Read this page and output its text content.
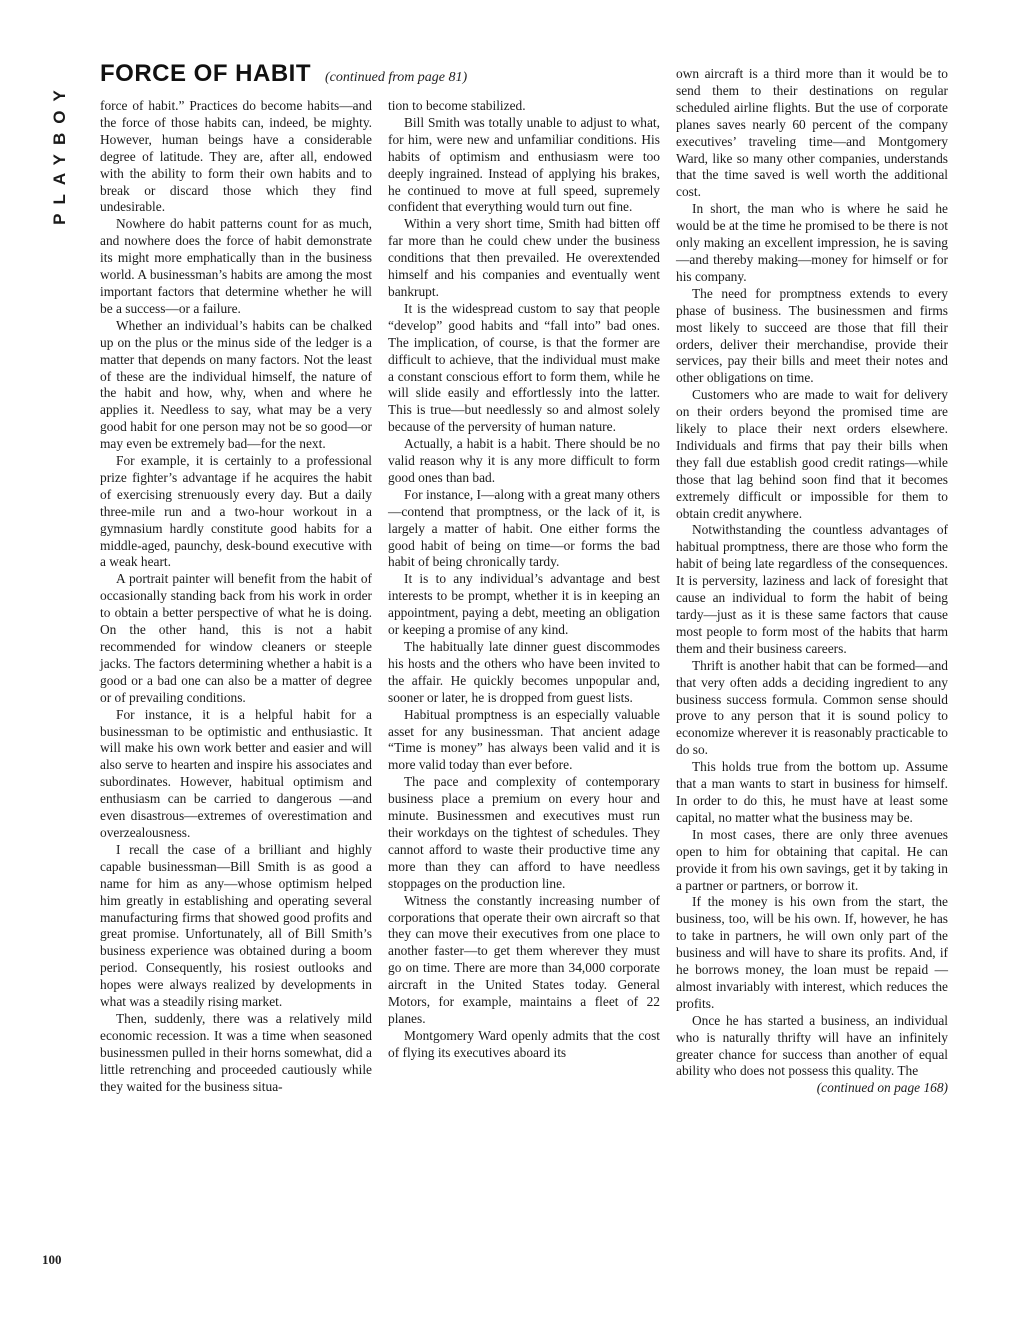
PLAYBOY
FORCE OF HABIT (continued from page 81)

force of habit.” Practices do become habits—and the force of those habits can, indeed, be mighty. However, human beings have a considerable degree of latitude. They are, after all, endowed with the ability to form their own habits and to break or discard those which they find undesirable.

Nowhere do habit patterns count for as much, and nowhere does the force of habit demonstrate its might more emphatically than in the business world. A businessman’s habits are among the most important factors that determine whether he will be a success—or a failure.

Whether an individual’s habits can be chalked up on the plus or the minus side of the ledger is a matter that depends on many factors. Not the least of these are the individual himself, the nature of the habit and how, why, when and where he applies it. Needless to say, what may be a very good habit for one person may not be so good—or may even be extremely bad—for the next.

For example, it is certainly to a professional prize fighter’s advantage if he acquires the habit of exercising strenuously every day. But a daily three-mile run and a two-hour workout in a gymnasium hardly constitute good habits for a middle-aged, paunchy, desk-bound executive with a weak heart.

A portrait painter will benefit from the habit of occasionally standing back from his work in order to obtain a better perspective of what he is doing. On the other hand, this is not a habit recommended for window cleaners or steeple jacks. The factors determining whether a habit is a good or a bad one can also be a matter of degree or of prevailing conditions.

For instance, it is a helpful habit for a businessman to be optimistic and enthusiastic. It will make his own work better and easier and will also serve to hearten and inspire his associates and subordinates. However, habitual optimism and enthusiasm can be carried to dangerous —and even disastrous—extremes of overestimation and overzealousness.

I recall the case of a brilliant and highly capable businessman—Bill Smith is as good a name for him as any—whose optimism helped him greatly in establishing and operating several manufacturing firms that showed good profits and great promise. Unfortunately, all of Bill Smith’s business experience was obtained during a boom period. Consequently, his rosiest outlooks and hopes were always realized by developments in what was a steadily rising market.

Then, suddenly, there was a relatively mild economic recession. It was a time when seasoned businessmen pulled in their horns somewhat, did a little retrenching and proceeded cautiously while they waited for the business situa-

tion to become stabilized.

Bill Smith was totally unable to adjust to what, for him, were new and unfamiliar conditions. His habits of optimism and enthusiasm were too deeply ingrained. Instead of applying his brakes, he continued to move at full speed, supremely confident that everything would turn out fine.

Within a very short time, Smith had bitten off far more than he could chew under the business conditions that then prevailed. He overextended himself and his companies and eventually went bankrupt.

It is the widespread custom to say that people “develop” good habits and “fall into” bad ones. The implication, of course, is that the former are difficult to achieve, that the individual must make a constant conscious effort to form them, while he will slide easily and effortlessly into the latter. This is true—but needlessly so and almost solely because of the perversity of human nature.

Actually, a habit is a habit. There should be no valid reason why it is any more difficult to form good ones than bad.

For instance, I—along with a great many others—contend that promptness, or the lack of it, is largely a matter of habit. One either forms the good habit of being on time—or forms the bad habit of being chronically tardy.

It is to any individual’s advantage and best interests to be prompt, whether it is in keeping an appointment, paying a debt, meeting an obligation or keeping a promise of any kind.

The habitually late dinner guest discommodes his hosts and the others who have been invited to the affair. He quickly becomes unpopular and, sooner or later, he is dropped from guest lists.

Habitual promptness is an especially valuable asset for any businessman. That ancient adage “Time is money” has always been valid and it is more valid today than ever before.

The pace and complexity of contemporary business place a premium on every hour and minute. Businessmen and executives must run their workdays on the tightest of schedules. They cannot afford to waste their productive time any more than they can afford to have needless stoppages on the production line.

Witness the constantly increasing number of corporations that operate their own aircraft so that they can move their executives from one place to another faster—to get them wherever they must go on time. There are more than 34,000 corporate aircraft in the United States today. General Motors, for example, maintains a fleet of 22 planes.

Montgomery Ward openly admits that the cost of flying its executives aboard its

own aircraft is a third more than it would be to send them to their destinations on regular scheduled airline flights. But the use of corporate planes saves nearly 60 percent of the company executives’ traveling time—and Montgomery Ward, like so many other companies, understands that the time saved is well worth the additional cost.

In short, the man who is where he said he would be at the time he promised to be there is not only making an excellent impression, he is saving—and thereby making—money for himself or for his company.

The need for promptness extends to every phase of business. The businessmen and firms most likely to succeed are those that fill their orders, deliver their merchandise, provide their services, pay their bills and meet their notes and other obligations on time.

Customers who are made to wait for delivery on their orders beyond the promised time are likely to place their next orders elsewhere. Individuals and firms that pay their bills when they fall due establish good credit ratings—while those that lag behind soon find that it becomes extremely difficult or impossible for them to obtain credit anywhere.

Notwithstanding the countless advantages of habitual promptness, there are those who form the habit of being late regardless of the consequences. It is perversity, laziness and lack of foresight that cause an individual to form the habit of being tardy—just as it is these same factors that cause most people to form most of the habits that harm them and their business careers.

Thrift is another habit that can be formed—and that very often adds a deciding ingredient to any business success formula. Common sense should prove to any person that it is sound policy to economize wherever it is reasonably practicable to do so.

This holds true from the bottom up. Assume that a man wants to start in business for himself. In order to do this, he must have at least some capital, no matter what the business may be.

In most cases, there are only three avenues open to him for obtaining that capital. He can provide it from his own savings, get it by taking in a partner or partners, or borrow it.

If the money is his own from the start, the business, too, will be his own. If, however, he has to take in partners, he will own only part of the business and will have to share its profits. And, if he borrows money, the loan must be repaid —almost invariably with interest, which reduces the profits.

Once he has started a business, an individual who is naturally thrifty will have an infinitely greater chance for success than another of equal ability who does not possess this quality. The

(continued on page 168)

100
